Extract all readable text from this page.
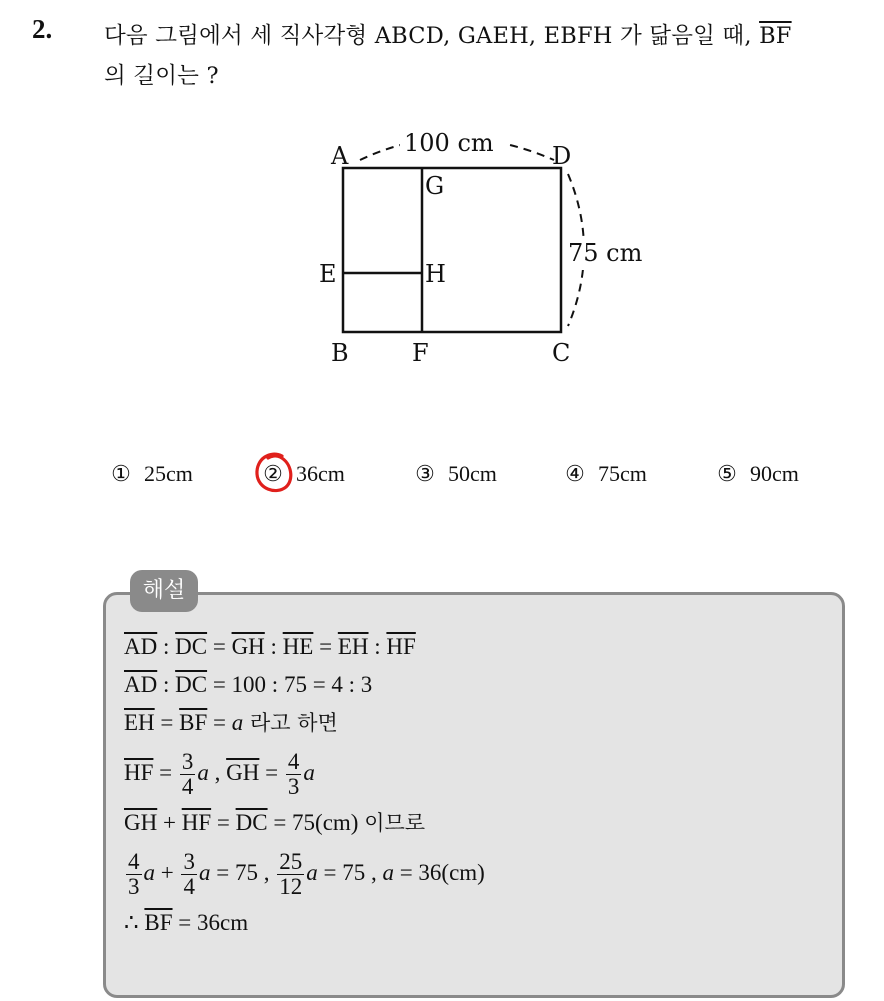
2. 다음 그림에서 세 직사각형 ABCD, GAEH, EBFH 가 닮음일 때, $\overline{BF}$
의 길이는 ?
100 cm
75 cm
A	D
B	F	C
G
E	H
① 25cm	② 36cm	③ 50cm	④ 75cm	⑤ 90cm
해설
$\overline{AD}$ : $\overline{DC} = \overline{GH}$ : $\overline{HE} = \overline{EH}$ : $\overline{HF}$
$\overline{AD}$ : $\overline{DC} = 100$ : 75 = 4 : 3
$\overline{EH} = \overline{BF} = a$ 라고 하면
$\overline{HF} = \frac{3}{4}$ a , $\overline{GH} = \frac{4}{3}$ a
$\overline{GH} + \overline{HF} = \overline{DC} = 75(cm)$ 이므로
$\frac{4}{3}$ $a + \frac{3}{4}$ a = 75 , $\frac{25}{12}$ a = 75 , a = 36(cm)
∴ $\overline{BF} = 36cm$
